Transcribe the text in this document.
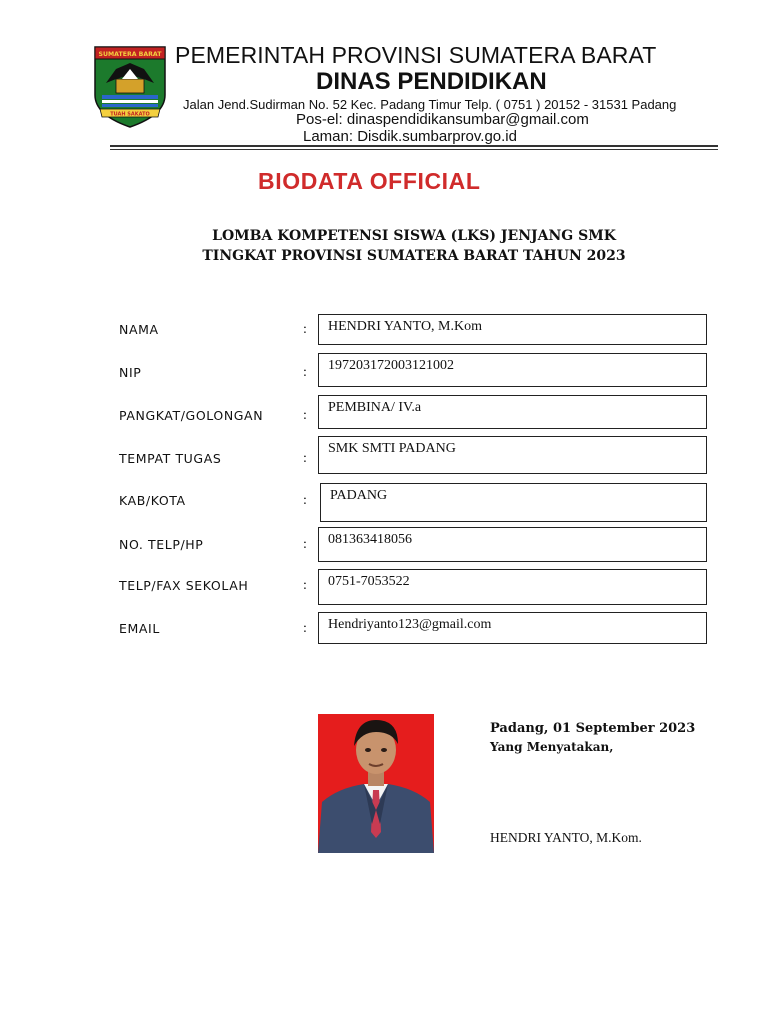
SUMATERA BARAT
TUAH SAKATO
PEMERINTAH PROVINSI SUMATERA BARAT
DINAS PENDIDIKAN
Jalan Jend.Sudirman No. 52 Kec. Padang Timur Telp. ( 0751 ) 20152 - 31531 Padang
Pos-el: dinaspendidikansumbar@gmail.com
Laman: Disdik.sumbarprov.go.id
BIODATA OFFICIAL
LOMBA KOMPETENSI SISWA (LKS) JENJANG SMK
TINGKAT PROVINSI SUMATERA BARAT TAHUN 2023
NAMA	: HENDRI YANTO, M.Kom
NIP	: 197203172003121002
PANGKAT/GOLONGAN	:
PEMBINA/ IV.a
TEMPAT TUGAS	:
SMK SMTI PADANG
KAB/KOTA	: PADANG
NO. TELP/HP	: 081363418056
TELP/FAX SEKOLAH	: 0751-7053522
EMAIL	: Hendriyanto123@gmail.com
Padang, 01 September 2023
Yang Menyatakan,
HENDRI YANTO, M.Kom.
